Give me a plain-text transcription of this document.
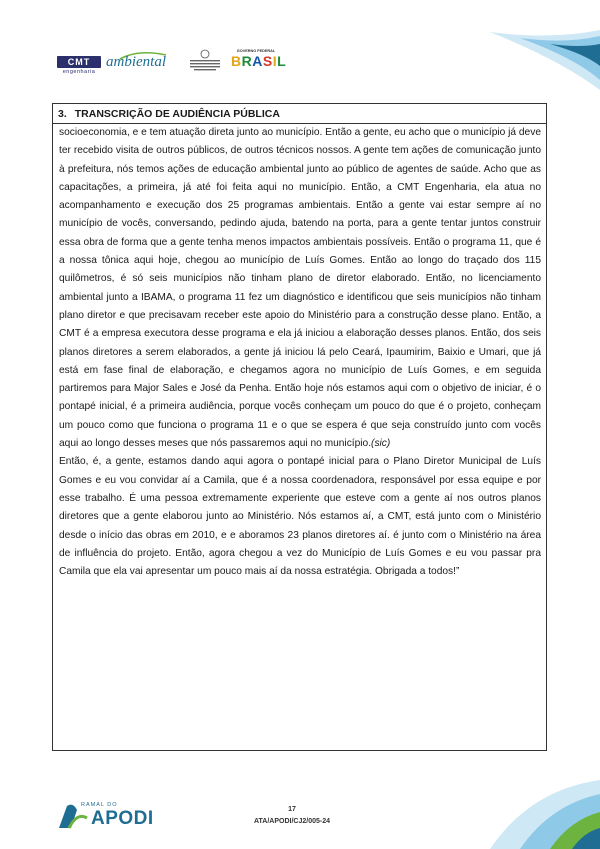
CMT
engenharia
ambiental
GOVERNO FEDERAL
BRASIL
3. TRANSCRIÇÃO DE AUDIÊNCIA PÚBLICA

socioeconomia, e e tem atuação direta junto ao município. Então a gente, eu acho que o município já deve ter recebido visita de outros públicos, de outros técnicos nossos. A gente tem ações de comunicação junto à prefeitura, nós temos ações de educação ambiental junto ao público de agentes de saúde. Acho que as capacitações, a primeira, já até foi feita aqui no município. Então, a CMT Engenharia, ela atua no acompanhamento e execução dos 25 programas ambientais. Então a gente vai estar sempre aí no município de vocês, conversando, pedindo ajuda, batendo na porta, para a gente tentar juntos construir essa obra de forma que a gente tenha menos impactos ambientais possíveis. Então o programa 11, que é a nossa tônica aqui hoje, chegou ao município de Luís Gomes. Então ao longo do traçado dos 115 quilômetros, é só seis municípios não tinham plano de diretor elaborado. Então, no licenciamento ambiental junto a IBAMA, o programa 11 fez um diagnóstico e identificou que seis municípios não tinham plano diretor e que precisavam receber este apoio do Ministério para a construção desse plano. Então, a CMT é a empresa executora desse programa e ela já iniciou a elaboração desses planos. Então, dos seis planos diretores a serem elaborados, a gente já iniciou lá pelo Ceará, Ipaumirim, Baixio e Umari, que já está em fase final de elaboração, e chegamos agora no município de Luís Gomes, e em seguida partiremos para Major Sales e José da Penha. Então hoje nós estamos aqui com o objetivo de iniciar, é o pontapé inicial, é a primeira audiência, porque vocês conheçam um pouco do que é o projeto, conheçam um pouco como que funciona o programa 11 e o que se espera é que seja construído junto com vocês aqui ao longo desses meses que nós passaremos aqui no município.(sic)

Então, é, a gente, estamos dando aqui agora o pontapé inicial para o Plano Diretor Municipal de Luís Gomes e eu vou convidar aí a Camila, que é a nossa coordenadora, responsável por essa equipe e por esse trabalho. É uma pessoa extremamente experiente que esteve com a gente aí nos outros planos diretores que a gente elaborou junto ao Ministério. Nós estamos aí, a CMT, está junto com o Ministério desde o início das obras em 2010, e e aboramos 23 planos diretores aí. é junto com o Ministério na área de influência do projeto. Então, agora chegou a vez do Município de Luís Gomes e eu vou passar pra Camila que ela vai apresentar um pouco mais aí da nossa estratégia. Obrigada a todos!”

RAMAL DO
APODI	17
ATA/APODI/CJ2/005-24
